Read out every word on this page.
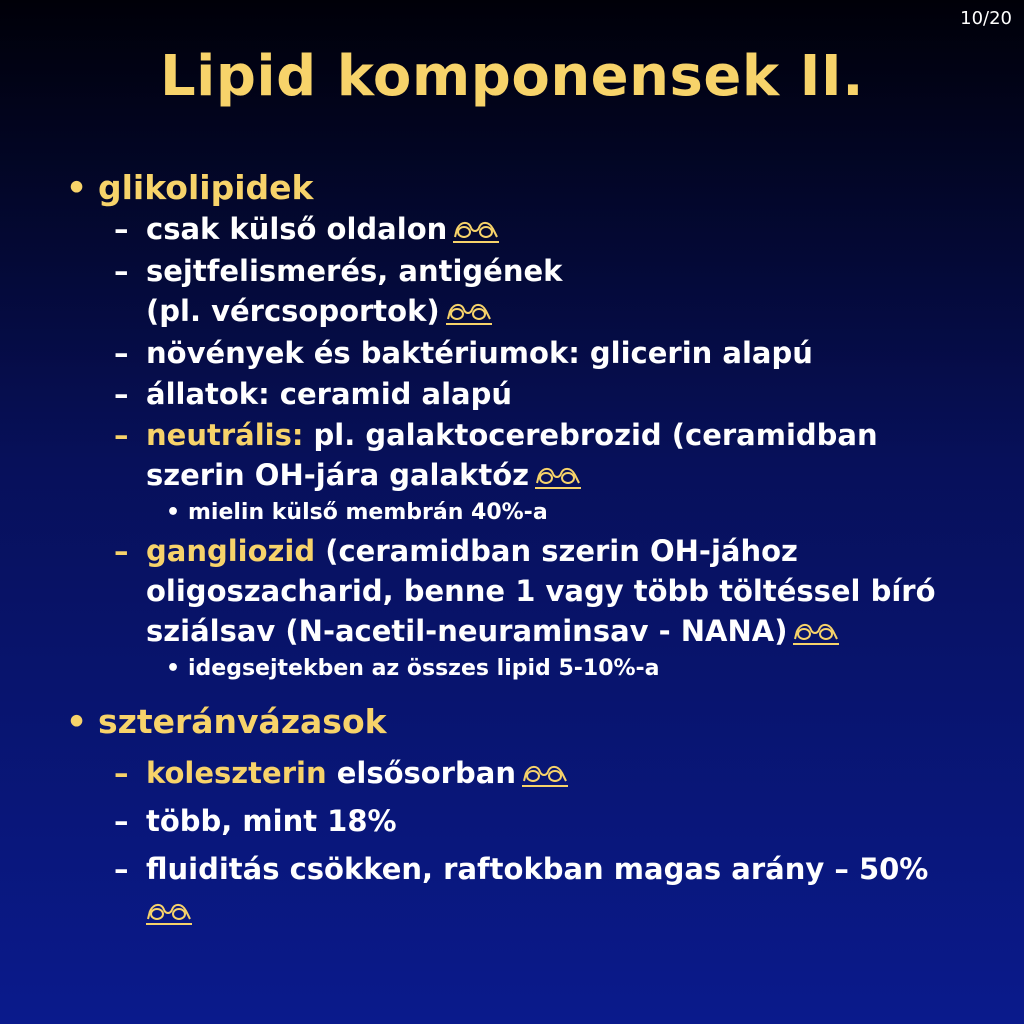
10/20
Lipid komponensek II.
• glikolipidek
– csak külső oldalon
– sejtfelismerés, antigének
(pl. vércsoportok)
– növények és baktériumok: glicerin alapú
– állatok: ceramid alapú
– neutrális: pl. galaktocerebrozid (ceramidban
szerin OH-jára galaktóz
• mielin külső membrán 40%-a
– gangliozid (ceramidban szerin OH-jához
oligoszacharid, benne 1 vagy több töltéssel bíró
sziálsav (N-acetil-neuraminsav - NANA)
• idegsejtekben az összes lipid 5-10%-a
• szteránvázasok
– koleszterin elsősorban
– több, mint 18%
– fluiditás csökken, raftokban magas arány – 50%
